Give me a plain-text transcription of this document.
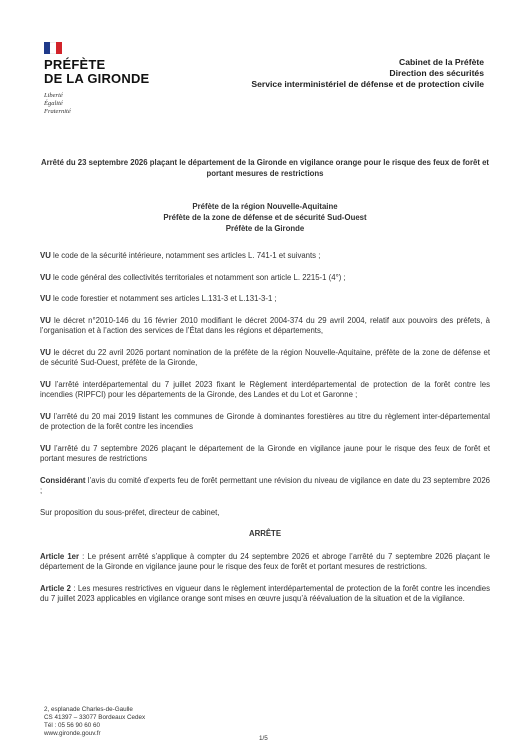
PRÉFÈTE
DE LA GIRONDE
Liberté
Égalité
Fraternité
Cabinet de la Préfète
Direction des sécurités
Service interministériel de défense et de protection civile
Arrêté du 23 septembre 2026 plaçant le département de la Gironde en vigilance orange pour le risque des feux de forêt et portant mesures de restrictions
Préfète de la région Nouvelle-Aquitaine
Préfète de la zone de défense et de sécurité Sud-Ouest
Préfète de la Gironde

VU le code de la sécurité intérieure, notamment ses articles L. 741-1 et suivants ;

VU le code général des collectivités territoriales et notamment son article L. 2215-1 (4°) ;

VU le code forestier et notamment ses articles L.131-3 et L.131-3-1 ;

VU le décret n°2010-146 du 16 février 2010 modifiant le décret 2004-374 du 29 avril 2004, relatif aux pouvoirs des préfets, à l’organisation et à l’action des services de l’État dans les régions et départements,

VU le décret du 22 avril 2026 portant nomination de la préfète de la région Nouvelle-Aquitaine, préfète de la zone de défense et de sécurité Sud-Ouest, préfète de la Gironde,

VU l’arrêté interdépartemental du 7 juillet 2023 fixant le Règlement interdépartemental de protection de la forêt contre les incendies (RIPFCI) pour les départements de la Gironde, des Landes et du Lot et Garonne ;

VU l’arrêté du 20 mai 2019 listant les communes de Gironde à dominantes forestières au titre du règlement inter-départemental de protection de la forêt contre les incendies

VU l’arrêté du 7 septembre 2026 plaçant le département de la Gironde en vigilance jaune pour le risque des feux de forêt et portant mesures de restrictions

Considérant l’avis du comité d’experts feu de forêt permettant une révision du niveau de vigilance en date du 23 septembre 2026 ;

Sur proposition du sous-préfet, directeur de cabinet,

ARRÊTE

Article 1er : Le présent arrêté s’applique à compter du 24 septembre 2026 et abroge l’arrêté du 7 septembre 2026 plaçant le département de la Gironde en vigilance jaune pour le risque des feux de forêt et portant mesures de restrictions.

Article 2 : Les mesures restrictives en vigueur dans le règlement interdépartemental de protection de la forêt contre les incendies du 7 juillet 2023 applicables en vigilance orange sont mises en œuvre jusqu’à réévaluation de la situation et de la vigilance.

2, esplanade Charles-de-Gaulle
CS 41397 – 33077 Bordeaux Cedex
Tél : 05 56 90 60 60
www.gironde.gouv.fr
1/5
